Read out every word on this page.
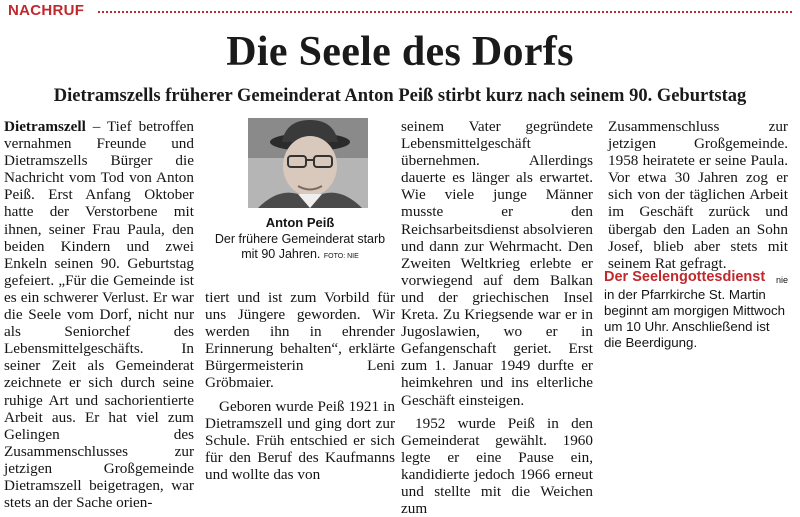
NACHRUF
Die Seele des Dorfs
Dietramszells früherer Gemeinderat Anton Peiß stirbt kurz nach seinem 90. Geburtstag

Dietramszell – Tief betroffen vernahmen Freunde und Dietramszells Bürger die Nachricht vom Tod von Anton Peiß. Erst Anfang Oktober hatte der Verstorbene mit ihnen, seiner Frau Paula, den beiden Kindern und zwei Enkeln seinen 90. Geburtstag gefeiert. „Für die Gemeinde ist es ein schwerer Verlust. Er war die Seele vom Dorf, nicht nur als Seniorchef des Lebensmittelgeschäfts. In seiner Zeit als Gemeinderat zeichnete er sich durch seine ruhige Art und sachorientierte Arbeit aus. Er hat viel zum Gelingen des Zusammenschlusses zur jetzigen Großgemeinde Dietramszell beigetragen, war stets an der Sache orien-

Anton Peiß
Der frühere Gemeinderat starb mit 90 Jahren. FOTO: NIE

tiert und ist zum Vorbild für uns Jüngere geworden. Wir werden ihn in ehrender Erinnerung behalten“, erklärte Bürgermeisterin Leni Gröbmaier.

Geboren wurde Peiß 1921 in Dietramszell und ging dort zur Schule. Früh entschied er sich für den Beruf des Kaufmanns und wollte das von

seinem Vater gegründete Lebensmittelgeschäft übernehmen. Allerdings dauerte es länger als erwartet. Wie viele junge Männer musste er den Reichsarbeitsdienst absolvieren und dann zur Wehrmacht. Den Zweiten Weltkrieg erlebte er vorwiegend auf dem Balkan und der griechischen Insel Kreta. Zu Kriegsende war er in Jugoslawien, wo er in Gefangenschaft geriet. Erst zum 1. Januar 1949 durfte er heimkehren und ins elterliche Geschäft einsteigen.

1952 wurde Peiß in den Gemeinderat gewählt. 1960 legte er eine Pause ein, kandidierte jedoch 1966 erneut und stellte mit die Weichen zum

Zusammenschluss zur jetzigen Großgemeinde. 1958 heiratete er seine Paula. Vor etwa 30 Jahren zog er sich von der täglichen Arbeit im Geschäft zurück und übergab den Laden an Sohn Josef, blieb aber stets mit seinem Rat gefragt.

nie
Der Seelengottesdienst
in der Pfarrkirche St. Martin beginnt am morgigen Mittwoch um 10 Uhr. Anschließend ist die Beerdigung.
